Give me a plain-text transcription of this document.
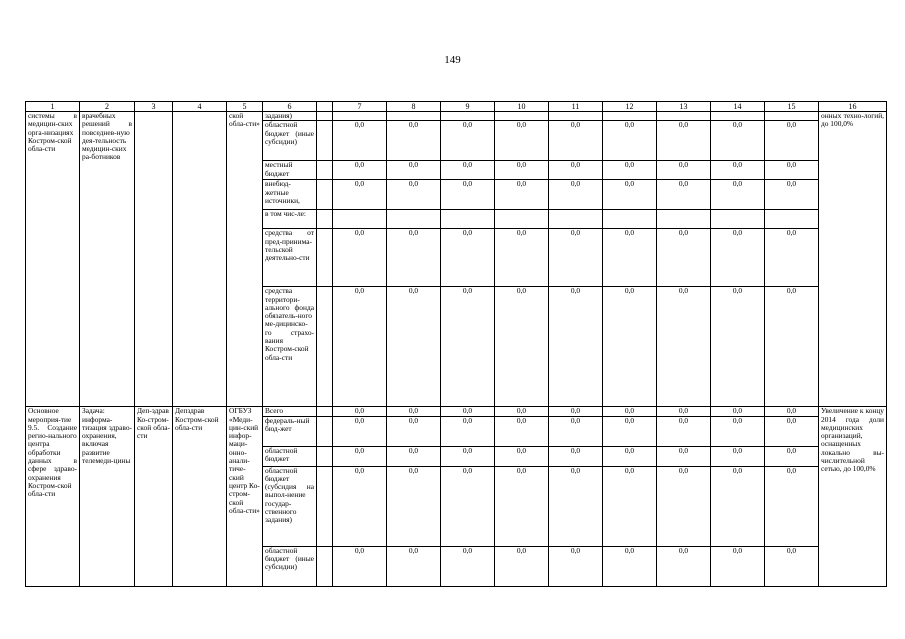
149
1	2	3	4	5	6		7	8	9	10	11	12	13	14	15	16
системы в медицин-ских орга-низациях Костром-ской обла-сти	врачебных решений в повседнев-ную дея-тельность медицин-ских ра-ботников			ской обла-сти»	задания)											онных техно-логий, до 100,0%
					областной бюджет (иные субсидии)		0,0	0,0	0,0	0,0	0,0	0,0	0,0	0,0	0,0	
					местный бюджет		0,0	0,0	0,0	0,0	0,0	0,0	0,0	0,0	0,0	
					внебюд-жетные источники,		0,0	0,0	0,0	0,0	0,0	0,0	0,0	0,0	0,0	
					в том чис-ле:											
					средства от пред-принима-тельской деятельно-сти		0,0	0,0	0,0	0,0	0,0	0,0	0,0	0,0	0,0	
					средства территори-ального фонда обязатель-ного ме-дицинско-го страхо-вания Костром-ской обла-сти		0,0	0,0	0,0	0,0	0,0	0,0	0,0	0,0	0,0	
Основное мероприя-тие 9.5. Создание регио-нального центра обработки данных в сфере здраво-охранения Костром-ской обла-сти	Задача: информа-тизация здраво-охранения, включая развитие телемеди-цины	Деп-здрав Ко-стром-ской обла-сти	Депздрав Костром-ской обла-сти	ОГБУЗ «Меди-цин-ский инфор-маци-онно-анали-тиче-ский центр Ко-стром-ской обла-сти»	Всего		0,0	0,0	0,0	0,0	0,0	0,0	0,0	0,0	0,0	Увеличение к концу 2014 года доли медицинских организаций, оснащенных локально вы-числительной сетью, до 100,0%
					федераль-ный бюд-жет		0,0	0,0	0,0	0,0	0,0	0,0	0,0	0,0	0,0	
					областной бюджет		0,0	0,0	0,0	0,0	0,0	0,0	0,0	0,0	0,0	
					областной бюджет (субсидия на выпол-нение государ-ственного задания)		0,0	0,0	0,0	0,0	0,0	0,0	0,0	0,0	0,0	
					областной бюджет (иные субсидии)		0,0	0,0	0,0	0,0	0,0	0,0	0,0	0,0	0,0	
